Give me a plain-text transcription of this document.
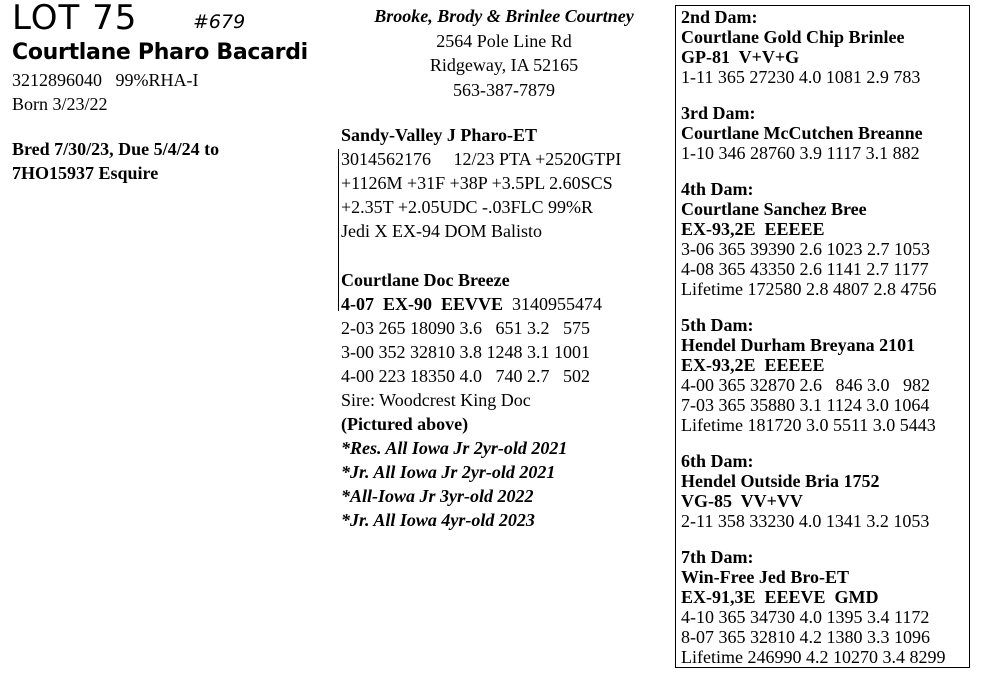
LOT 75	#679
Courtlane Pharo Bacardi
3212896040   99%RHA-I
Born 3/23/22
Bred 7/30/23, Due 5/4/24 to
7HO15937 Esquire
Brooke, Brody & Brinlee Courtney
2564 Pole Line Rd
Ridgeway, IA 52165
563-387-7879
Sandy-Valley J Pharo-ET
3014562176     12/23 PTA +2520GTPI
+1126M +31F +38P +3.5PL 2.60SCS
+2.35T +2.05UDC -.03FLC 99%R
Jedi X EX-94 DOM Balisto
Courtlane Doc Breeze
4-07  EX-90  EEVVE  3140955474
2-03 265 18090 3.6   651 3.2   575
3-00 352 32810 3.8 1248 3.1 1001
4-00 223 18350 4.0   740 2.7   502
Sire: Woodcrest King Doc
(Pictured above)
*Res. All Iowa Jr 2yr-old 2021
*Jr. All Iowa Jr 2yr-old 2021
*All-Iowa Jr 3yr-old 2022
*Jr. All Iowa 4yr-old 2023
2nd Dam:
Courtlane Gold Chip Brinlee
GP-81  V+V+G
1-11 365 27230 4.0 1081 2.9 783
3rd Dam:
Courtlane McCutchen Breanne
1-10 346 28760 3.9 1117 3.1 882
4th Dam:
Courtlane Sanchez Bree
EX-93,2E  EEEEE
3-06 365 39390 2.6 1023 2.7 1053
4-08 365 43350 2.6 1141 2.7 1177
Lifetime 172580 2.8 4807 2.8 4756
5th Dam:
Hendel Durham Breyana 2101
EX-93,2E  EEEEE
4-00 365 32870 2.6   846 3.0   982
7-03 365 35880 3.1 1124 3.0 1064
Lifetime 181720 3.0 5511 3.0 5443
6th Dam:
Hendel Outside Bria 1752
VG-85  VV+VV
2-11 358 33230 4.0 1341 3.2 1053
7th Dam:
Win-Free Jed Bro-ET
EX-91,3E  EEEVE  GMD
4-10 365 34730 4.0 1395 3.4 1172
8-07 365 32810 4.2 1380 3.3 1096
Lifetime 246990 4.2 10270 3.4 8299
